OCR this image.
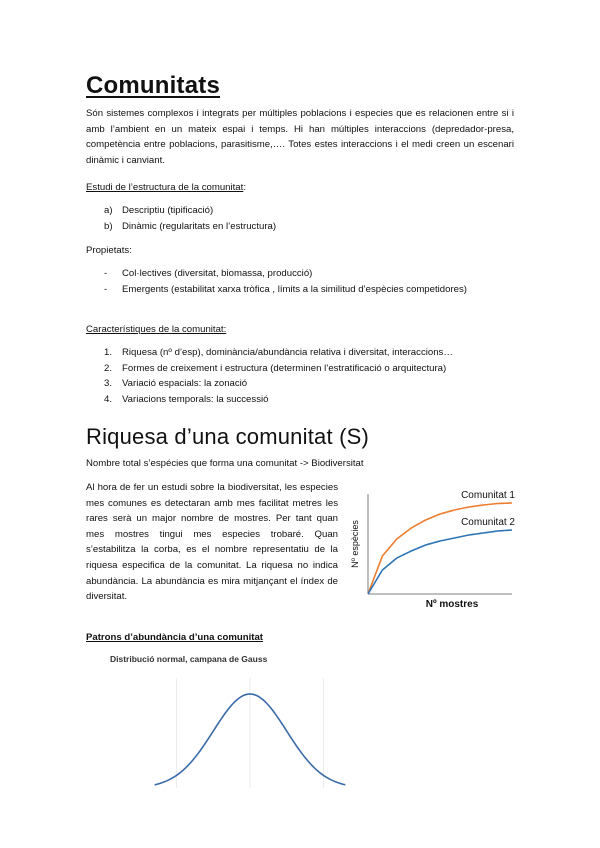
Comunitats
Són sistemes complexos i integrats per múltiples poblacions i especies que es relacionen entre si i amb l’ambient en un mateix espai i temps. Hi han múltiples interaccions (depredador-presa, competència entre poblacions, parasitisme,…. Totes estes interaccions i el medi creen un escenari dinàmic i canviant.
Estudi de l’estructura de la comunitat:
a) Descriptiu (tipificació)
b) Dinàmic (regularitats en l’estructura)
Propietats:
-	Col·lectives (diversitat, biomassa, producció)
-	Emergents (estabilitat xarxa tròfica , límits a la similitud d’espècies competidores)
Característiques de la comunitat:
1.	Riquesa (nº d’esp), dominància/abundància relativa i diversitat, interaccions…
2.	Formes de creixement i estructura (determinen l’estratificació o arquitectura)
3.	Variació espacials: la zonació
4.	Variacions temporals: la successió
Riquesa d’una comunitat (S)
Nombre total s’espécies que forma una comunitat -> Biodiversitat
Al hora de fer un estudi sobre la biodiversitat, les especies mes comunes es detectaran amb mes facilitat metres les rares serà un major nombre de mostres. Per tant quan mes mostres tingui mes especies trobaré. Quan s’estabilitza la corba, es el nombre representatiu de la riquesa especifica de la comunitat. La riquesa no indica abundància. La abundància es mira mitjançant el índex de diversitat.
Comunitat 1
Comunitat 2
Nº mostres
Nº espècies
Patrons d’abundància d’una comunitat
Distribució normal, campana de Gauss
